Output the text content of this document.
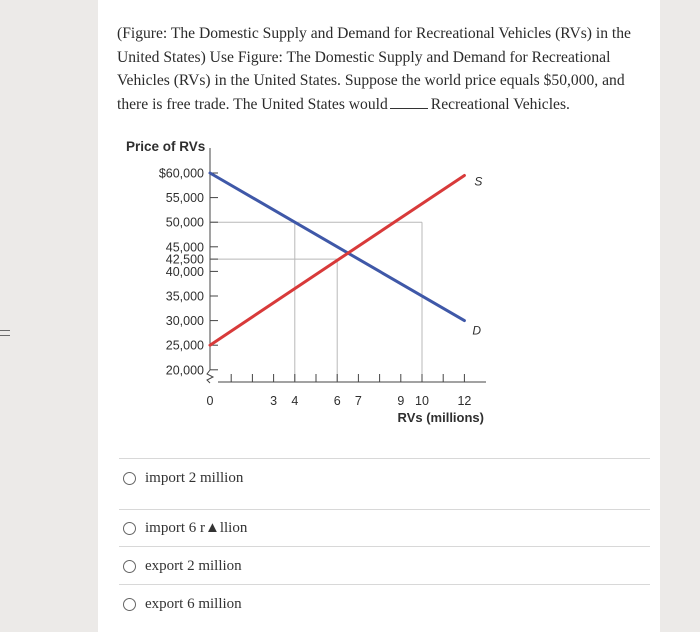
(Figure: The Domestic Supply and Demand for Recreational Vehicles (RVs) in the United States) Use Figure: The Domestic Supply and Demand for Recreational Vehicles (RVs) in the United States. Suppose the world price equals $50,000, and there is free trade. The United States would	Recreational Vehicles.
Price of RVs
$60,000
55,000
50,000
45,000
42,500
40,000
35,000
30,000
25,000
20,000
0	3 4	6 7	9 10 12
D
S
RVs (millions)
import 2 million
import 6 r▲llion
export 2 million
export 6 million
